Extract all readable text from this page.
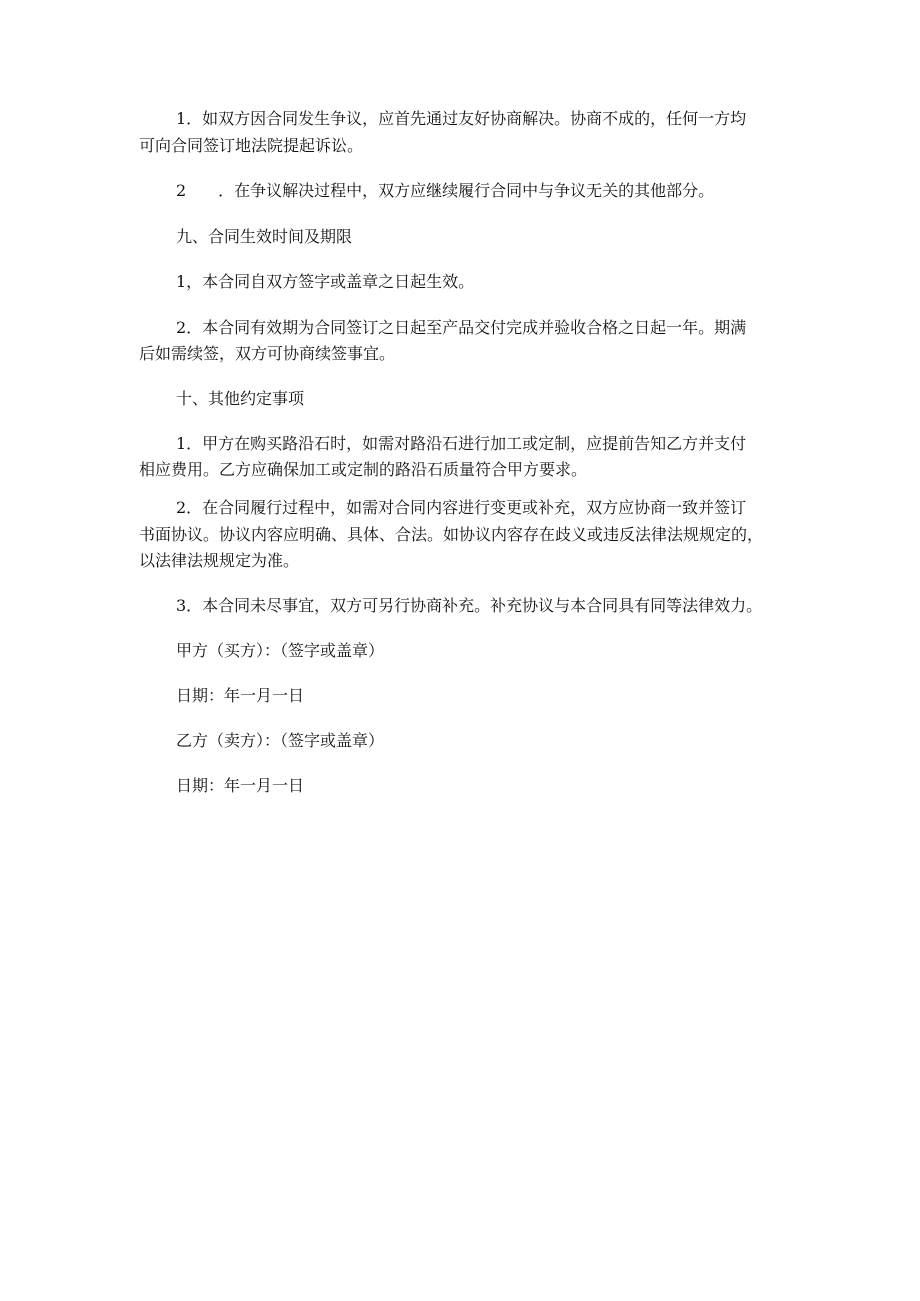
1．如双方因合同发生争议，应首先通过友好协商解决。协商不成的，任何一方均
可向合同签订地法院提起诉讼。
2　　．在争议解决过程中，双方应继续履行合同中与争议无关的其他部分。
九、合同生效时间及期限
1，本合同自双方签字或盖章之日起生效。
2．本合同有效期为合同签订之日起至产品交付完成并验收合格之日起一年。期满
后如需续签，双方可协商续签事宜。
十、其他约定事项
1．甲方在购买路沿石时，如需对路沿石进行加工或定制，应提前告知乙方并支付
相应费用。乙方应确保加工或定制的路沿石质量符合甲方要求。
2．在合同履行过程中，如需对合同内容进行变更或补充，双方应协商一致并签订
书面协议。协议内容应明确、具体、合法。如协议内容存在歧义或违反法律法规规定的，
以法律法规规定为准。
3．本合同未尽事宜，双方可另行协商补充。补充协议与本合同具有同等法律效力。
甲方（买方）：（签字或盖章）
日期：年一月一日
乙方（卖方）：（签字或盖章）
日期：年一月一日
